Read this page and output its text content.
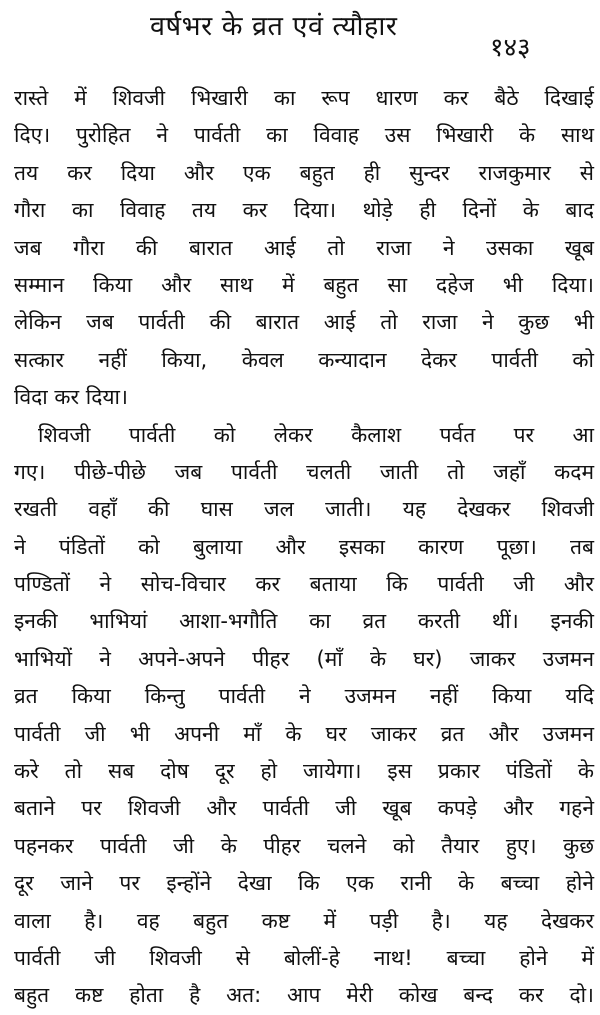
वर्षभर के व्रत एवं त्यौहार
१४३
रास्ते में शिवजी भिखारी का रूप धारण कर बैठे दिखाई
दिए। पुरोहित ने पार्वती का विवाह उस भिखारी के साथ
तय कर दिया और एक बहुत ही सुन्दर राजकुमार से
गौरा का विवाह तय कर दिया। थोड़े ही दिनों के बाद
जब गौरा की बारात आई तो राजा ने उसका खूब
सम्मान किया और साथ में बहुत सा दहेज भी दिया।
लेकिन जब पार्वती की बारात आई तो राजा ने कुछ भी
सत्कार नहीं किया, केवल कन्यादान देकर पार्वती को
विदा कर दिया।
शिवजी पार्वती को लेकर कैलाश पर्वत पर आ
गए। पीछे-पीछे जब पार्वती चलती जाती तो जहाँ कदम
रखती वहाँ की घास जल जाती। यह देखकर शिवजी
ने पंडितों को बुलाया और इसका कारण पूछा। तब
पण्डितों ने सोच-विचार कर बताया कि पार्वती जी और
इनकी भाभियां आशा-भगौति का व्रत करती थीं। इनकी
भाभियों ने अपने-अपने पीहर (माँ के घर) जाकर उजमन
व्रत किया किन्तु पार्वती ने उजमन नहीं किया यदि
पार्वती जी भी अपनी माँ के घर जाकर व्रत और उजमन
करे तो सब दोष दूर हो जायेगा। इस प्रकार पंडितों के
बताने पर शिवजी और पार्वती जी खूब कपड़े और गहने
पहनकर पार्वती जी के पीहर चलने को तैयार हुए। कुछ
दूर जाने पर इन्होंने देखा कि एक रानी के बच्चा होने
वाला है। वह बहुत कष्ट में पड़ी है। यह देखकर
पार्वती जी शिवजी से बोलीं-हे नाथ! बच्चा होने में
बहुत कष्ट होता है अत: आप मेरी कोख बन्द कर दो।
